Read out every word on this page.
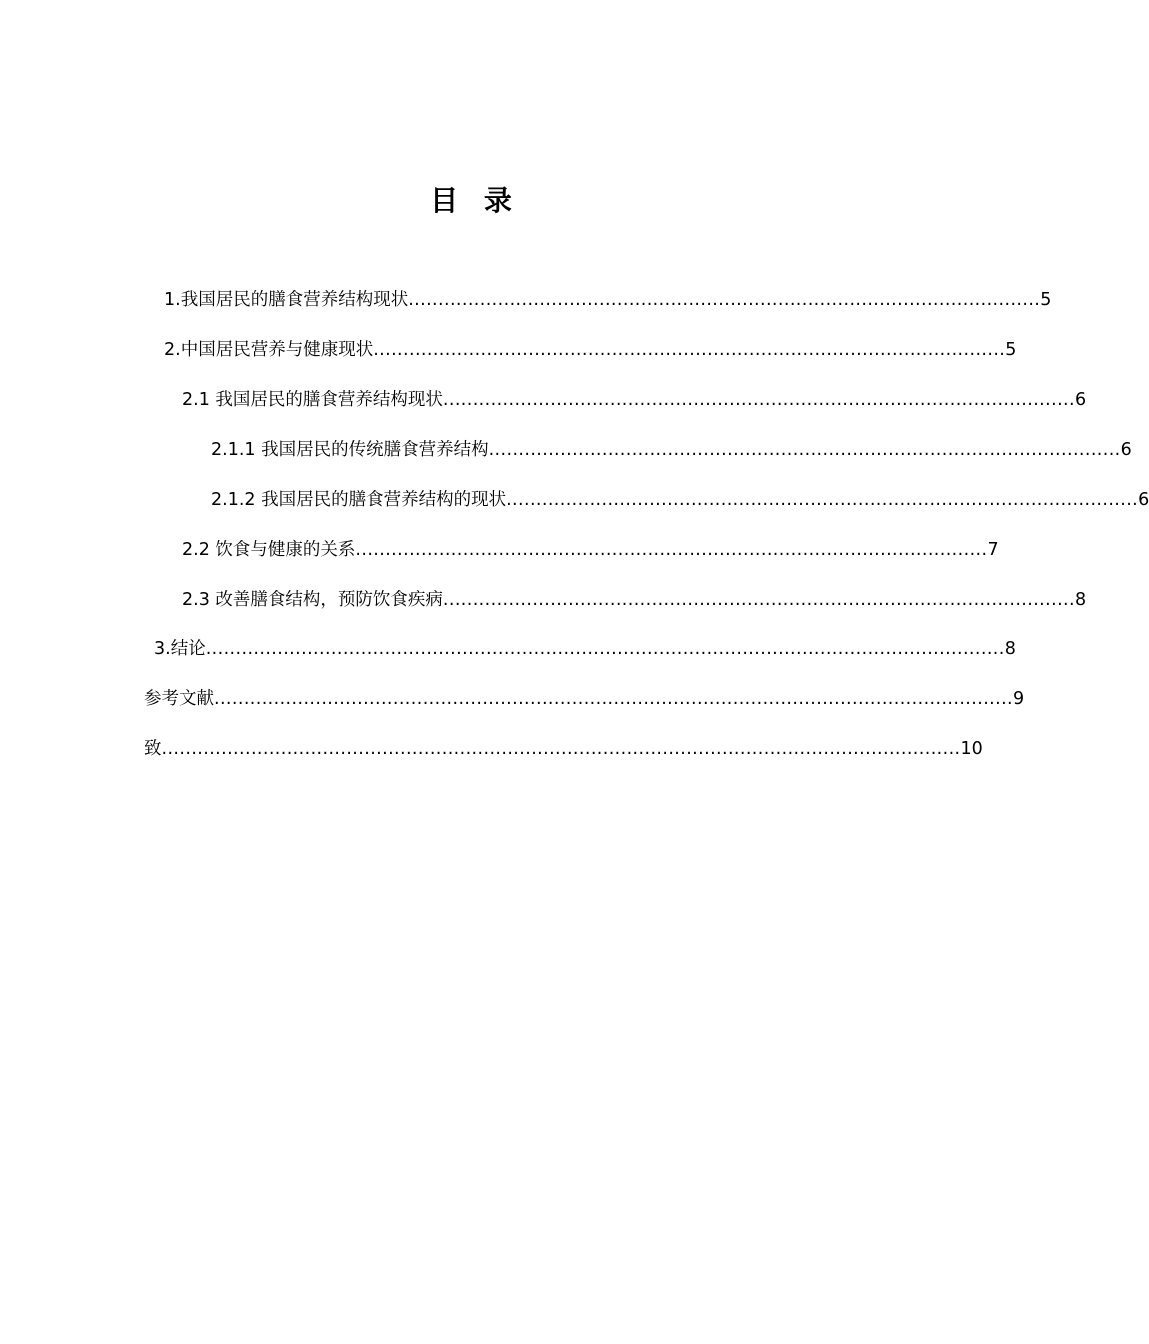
目 录
1.我国居民的膳食营养结构现状 .......................................................................................................... 5
2.中国居民营养与健康现状 .......................................................................................................... 5
2.1 我国居民的膳食营养结构现状 .......................................................................................................... 6
2.1.1 我国居民的传统膳食营养结构 .......................................................................................................... 6
2.1.2 我国居民的膳食营养结构的现状 .......................................................................................................... 6
2.2 饮食与健康的关系 .......................................................................................................... 7
2.3 改善膳食结构，预防饮食疾病 .......................................................................................................... 8
3.结论 ...................................................................................................................................... 8
参考文献 ...................................................................................................................................... 9
致 ...................................................................................................................................... 10
